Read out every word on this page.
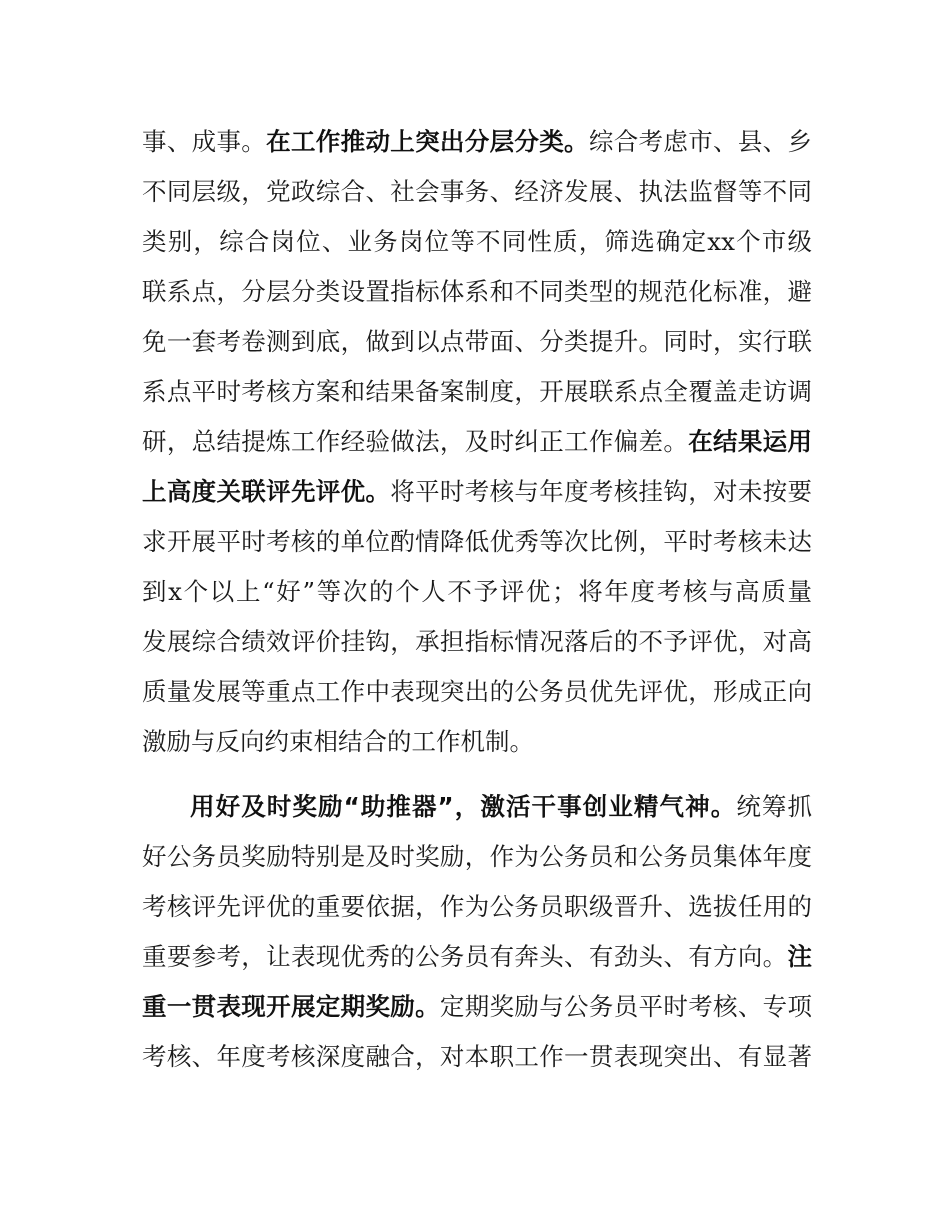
事、成事。在工作推动上突出分层分类。综合考虑市、县、乡
不同层级，党政综合、社会事务、经济发展、执法监督等不同
类别，综合岗位、业务岗位等不同性质，筛选确定xx个市级
联系点，分层分类设置指标体系和不同类型的规范化标准，避
免一套考卷测到底，做到以点带面、分类提升。同时，实行联
系点平时考核方案和结果备案制度，开展联系点全覆盖走访调
研，总结提炼工作经验做法，及时纠正工作偏差。在结果运用
上高度关联评先评优。将平时考核与年度考核挂钩，对未按要
求开展平时考核的单位酌情降低优秀等次比例，平时考核未达
到x个以上“好”等次的个人不予评优；将年度考核与高质量
发展综合绩效评价挂钩，承担指标情况落后的不予评优，对高
质量发展等重点工作中表现突出的公务员优先评优，形成正向
激励与反向约束相结合的工作机制。
用好及时奖励“助推器”，激活干事创业精气神。统筹抓
好公务员奖励特别是及时奖励，作为公务员和公务员集体年度
考核评先评优的重要依据，作为公务员职级晋升、选拔任用的
重要参考，让表现优秀的公务员有奔头、有劲头、有方向。注
重一贯表现开展定期奖励。定期奖励与公务员平时考核、专项
考核、年度考核深度融合，对本职工作一贯表现突出、有显著
